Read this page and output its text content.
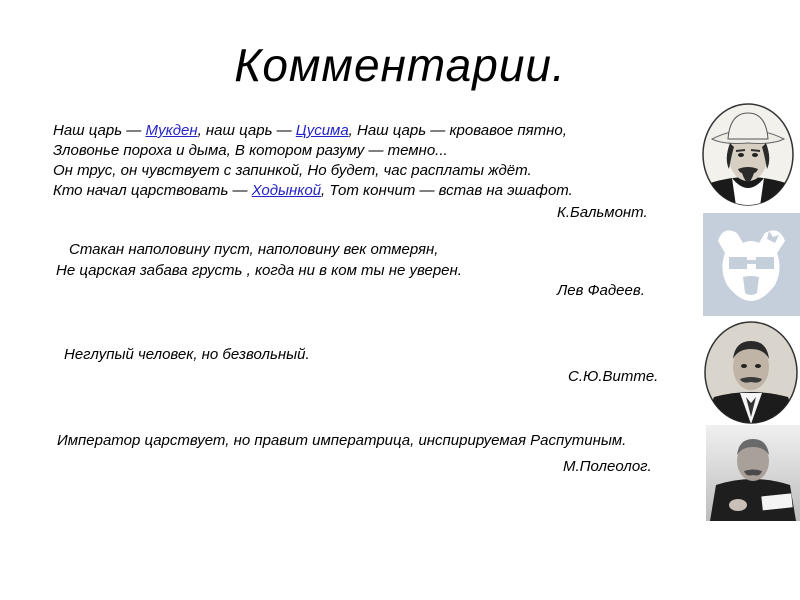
Комментарии.
Наш царь — Мукден, наш царь — Цусима, Наш царь — кровавое пятно,
Зловонье пороха и дыма, В котором разуму — темно...
Он трус, он чувствует с запинкой, Но будет, час расплаты ждёт.
Кто начал царствовать — Ходынкой, Тот кончит — встав на эшафот.
К.Бальмонт.
Стакан наполовину пуст, наполовину век отмерян,
Не царская забава грусть , когда ни в ком ты не уверен.
Лев Фадеев.
Неглупый человек, но безвольный.
С.Ю.Витте.
Император царствует, но правит императрица, инспирируемая Распутиным.
М.Полеолог.
